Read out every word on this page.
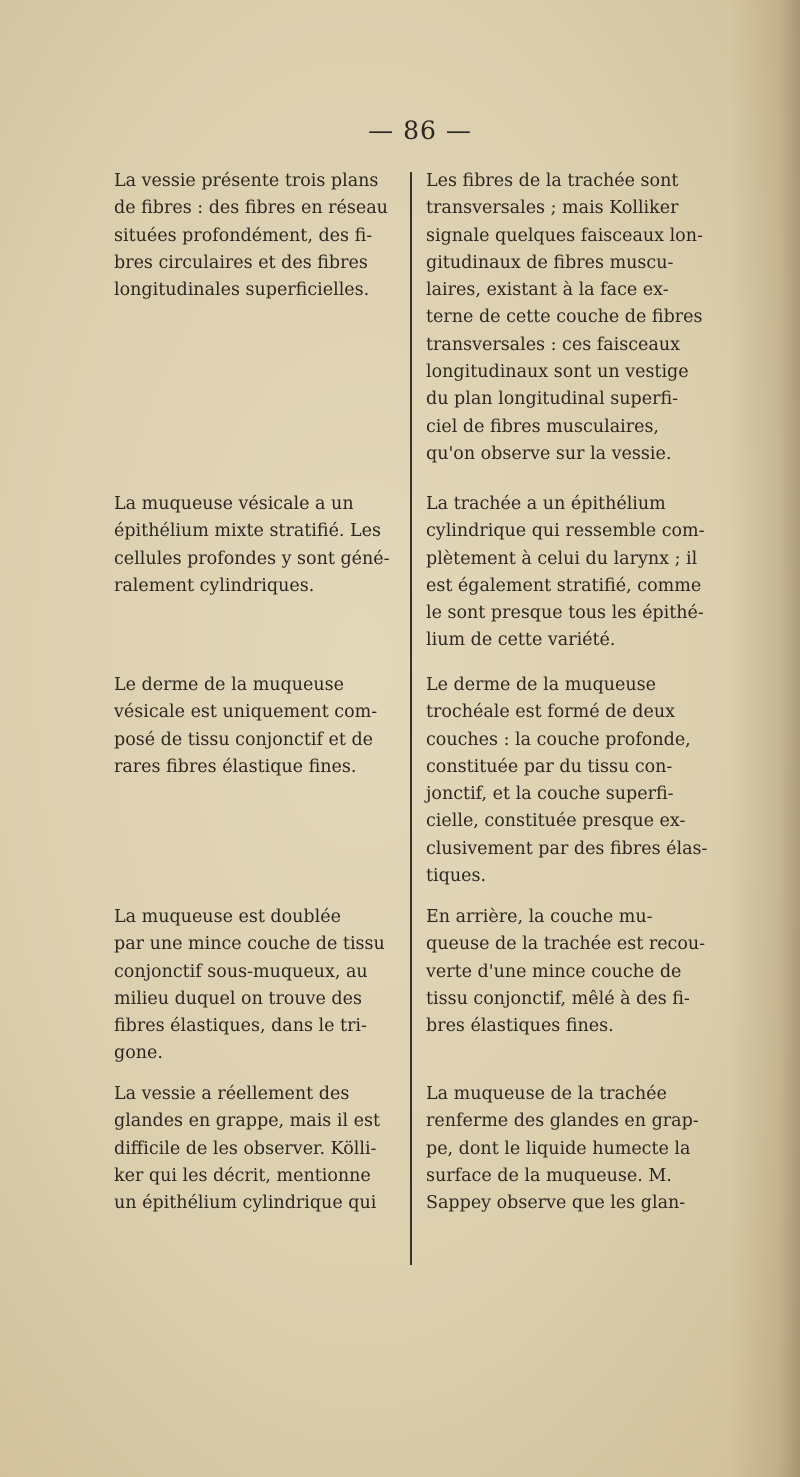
— 86 —

La vessie présente trois plans
de fibres : des fibres en réseau
situées profondément, des fi-
bres circulaires et des fibres
longitudinales superficielles.

La muqueuse vésicale a un
épithélium mixte stratifié. Les
cellules profondes y sont géné-
ralement cylindriques.

Le derme de la muqueuse
vésicale est uniquement com-
posé de tissu conjonctif et de
rares fibres élastique fines.

La muqueuse est doublée
par une mince couche de tissu
conjonctif sous-muqueux, au
milieu duquel on trouve des
fibres élastiques, dans le tri-
gone.

La vessie a réellement des
glandes en grappe, mais il est
difficile de les observer. Kölli-
ker qui les décrit, mentionne
un épithélium cylindrique qui

Les fibres de la trachée sont
transversales ; mais Kolliker
signale quelques faisceaux lon-
gitudinaux de fibres muscu-
laires, existant à la face ex-
terne de cette couche de fibres
transversales : ces faisceaux
longitudinaux sont un vestige
du plan longitudinal superfi-
ciel de fibres musculaires,
qu'on observe sur la vessie.

La trachée a un épithélium
cylindrique qui ressemble com-
plètement à celui du larynx ; il
est également stratifié, comme
le sont presque tous les épithé-
lium de cette variété.

Le derme de la muqueuse
trochéale est formé de deux
couches : la couche profonde,
constituée par du tissu con-
jonctif, et la couche superfi-
cielle, constituée presque ex-
clusivement par des fibres élas-
tiques.

En arrière, la couche mu-
queuse de la trachée est recou-
verte d'une mince couche de
tissu conjonctif, mêlé à des fi-
bres élastiques fines.

La muqueuse de la trachée
renferme des glandes en grap-
pe, dont le liquide humecte la
surface de la muqueuse. M.
Sappey observe que les glan-
